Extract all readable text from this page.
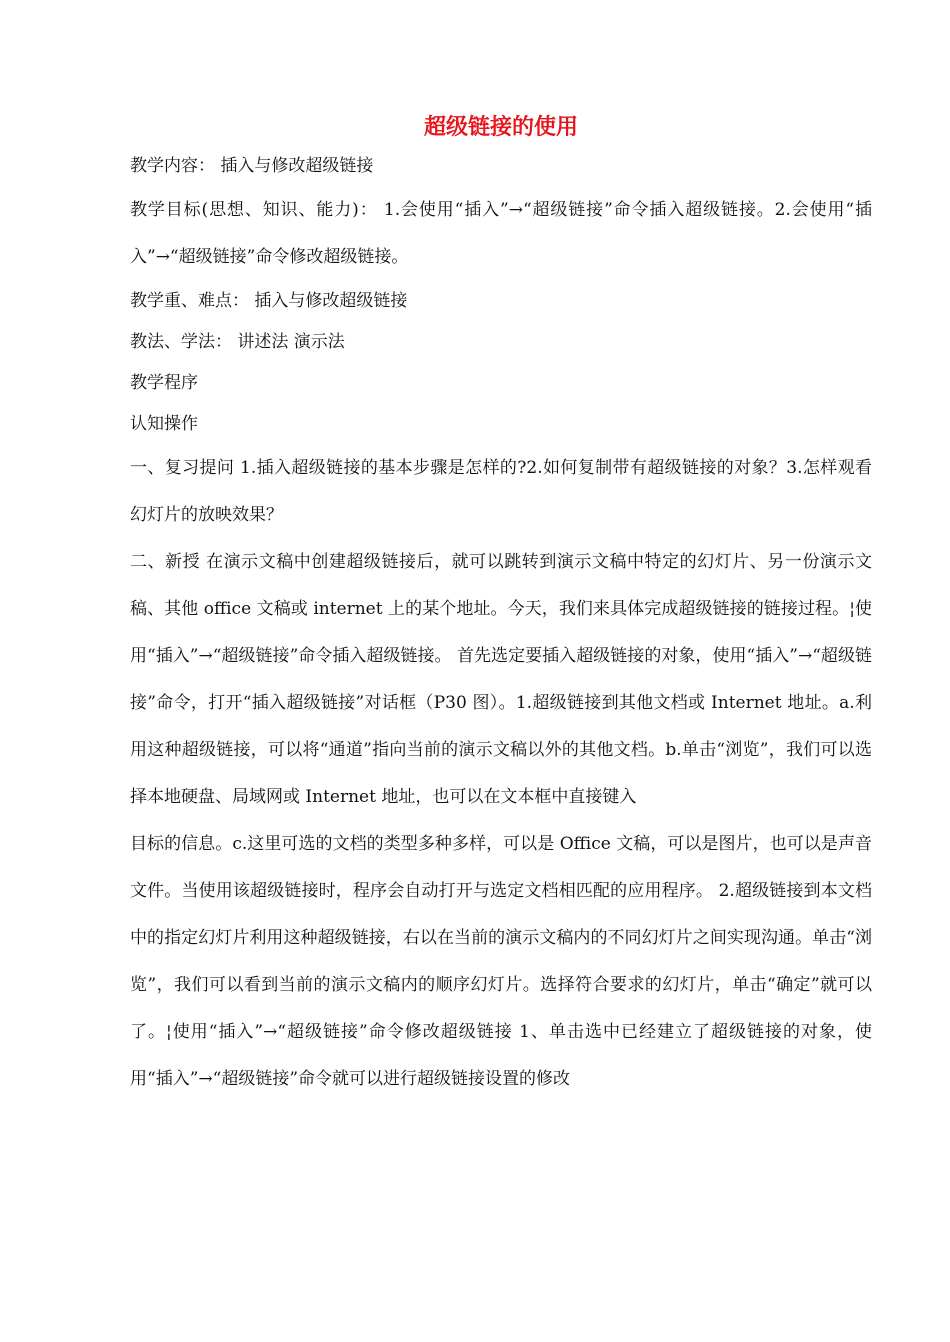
超级链接的使用

教学内容： 插入与修改超级链接

教学目标(思想、知识、能力)： 1.会使用“插入”→“超级链接”命令插入超级链接。2.会使用“插入”→“超级链接”命令修改超级链接。

教学重、难点： 插入与修改超级链接

教法、学法： 讲述法 演示法

教学程序

认知操作

一、复习提问 1.插入超级链接的基本步骤是怎样的?2.如何复制带有超级链接的对象？3.怎样观看幻灯片的放映效果？

二、新授 在演示文稿中创建超级链接后，就可以跳转到演示文稿中特定的幻灯片、另一份演示文稿、其他 office 文稿或 internet 上的某个地址。今天，我们来具体完成超级链接的链接过程。¦使用“插入”→“超级链接”命令插入超级链接。 首先选定要插入超级链接的对象，使用“插入”→“超级链接”命令，打开“插入超级链接”对话框（P30 图）。1.超级链接到其他文档或 Internet 地址。a.利用这种超级链接，可以将“通道”指向当前的演示文稿以外的其他文档。b.单击“浏览”，我们可以选择本地硬盘、局域网或 Internet 地址，也可以在文本框中直接键入

目标的信息。c.这里可选的文档的类型多种多样，可以是 Office 文稿，可以是图片，也可以是声音文件。当使用该超级链接时，程序会自动打开与选定文档相匹配的应用程序。 2.超级链接到本文档中的指定幻灯片利用这种超级链接，右以在当前的演示文稿内的不同幻灯片之间实现沟通。单击“浏览”，我们可以看到当前的演示文稿内的顺序幻灯片。选择符合要求的幻灯片，单击“确定”就可以了。¦使用“插入”→“超级链接”命令修改超级链接 1、单击选中已经建立了超级链接的对象，使用“插入”→“超级链接”命令就可以进行超级链接设置的修改
